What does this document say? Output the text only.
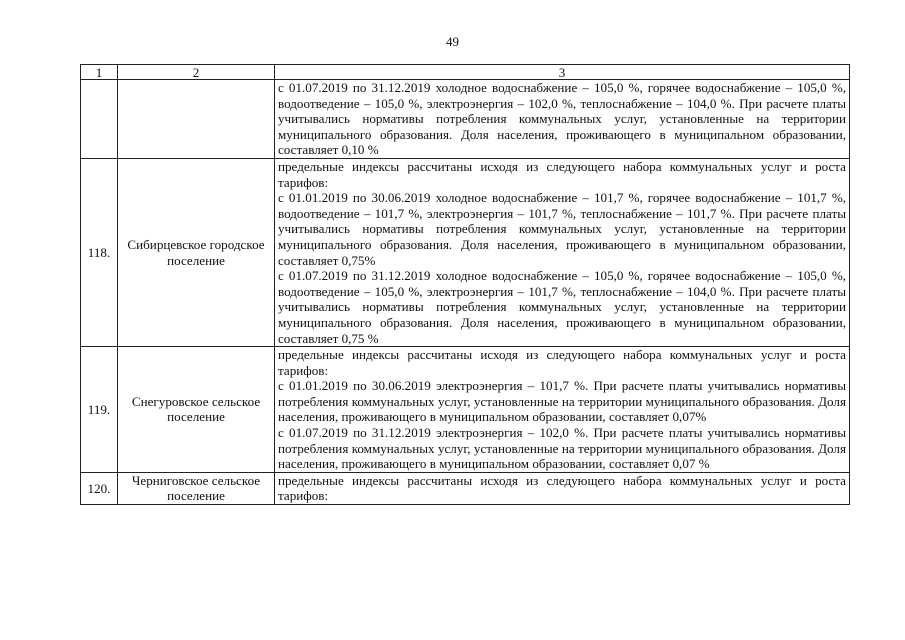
49
1	2	3

		с 01.07.2019 по 31.12.2019 холодное водоснабжение – 105,0 %, горячее водоснабжение – 105,0 %, водоотведение – 105,0 %, электроэнергия – 102,0 %, теплоснабжение – 104,0 %. При расчете платы учитывались нормативы потребления коммунальных услуг, установленные на территории муниципального образования. Доля населения, проживающего в муниципальном образовании, составляет 0,10 %

118.	Сибирцевское городское поселение	предельные индексы рассчитаны исходя из следующего набора коммунальных услуг и роста тарифов:

с 01.01.2019 по 30.06.2019 холодное водоснабжение – 101,7 %, горячее водоснабжение – 101,7 %, водоотведение – 101,7 %, электроэнергия – 101,7 %, теплоснабжение – 101,7 %. При расчете платы учитывались нормативы потребления коммунальных услуг, установленные на территории муниципального образования. Доля населения, проживающего в муниципальном образовании, составляет 0,75%

с 01.07.2019 по 31.12.2019 холодное водоснабжение – 105,0 %, горячее водоснабжение – 105,0 %, водоотведение – 105,0 %, электроэнергия – 101,7 %, теплоснабжение – 104,0 %. При расчете платы учитывались нормативы потребления коммунальных услуг, установленные на территории муниципального образования. Доля населения, проживающего в муниципальном образовании, составляет 0,75 %

119.	Снегуровское сельское поселение	предельные индексы рассчитаны исходя из следующего набора коммунальных услуг и роста тарифов:

с 01.01.2019 по 30.06.2019 электроэнергия – 101,7 %. При расчете платы учитывались нормативы потребления коммунальных услуг, установленные на территории муниципального образования. Доля населения, проживающего в муниципальном образовании, составляет 0,07%

с 01.07.2019 по 31.12.2019 электроэнергия – 102,0 %. При расчете платы учитывались нормативы потребления коммунальных услуг, установленные на территории муниципального образования. Доля населения, проживающего в муниципальном образовании, составляет 0,07 %

120.	Черниговское сельское поселение	предельные индексы рассчитаны исходя из следующего набора коммунальных услуг и роста тарифов:
